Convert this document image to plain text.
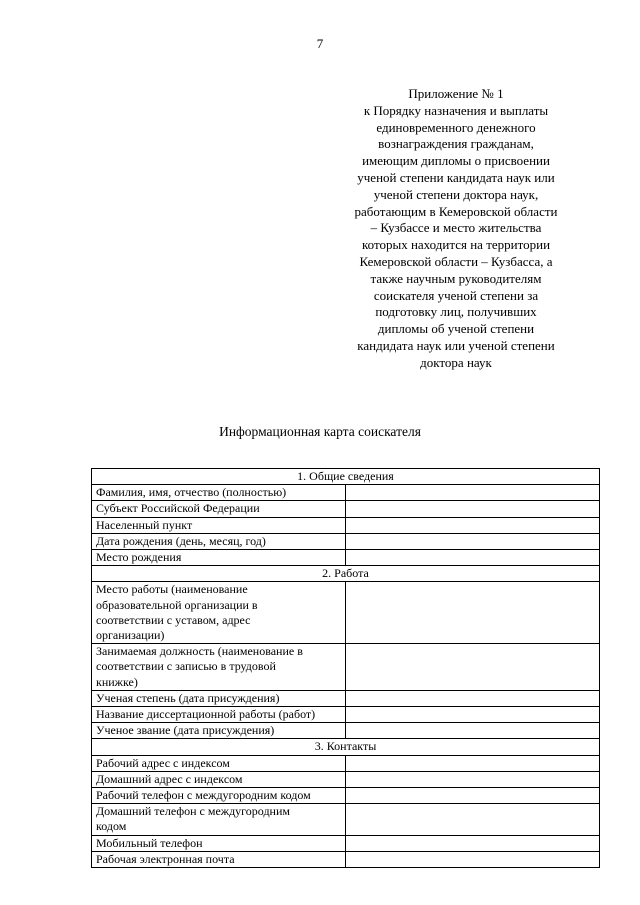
7
Приложение № 1
к Порядку назначения и выплаты
единовременного денежного
вознаграждения гражданам,
имеющим дипломы о присвоении
ученой степени кандидата наук или
ученой степени доктора наук,
работающим в Кемеровской области
– Кузбассе и место жительства
которых находится на территории
Кемеровской области – Кузбасса, а
также научным руководителям
соискателя ученой степени за
подготовку лиц, получивших
дипломы об ученой степени
кандидата наук или ученой степени
доктора наук
Информационная карта соискателя
1. Общие сведения	
Фамилия, имя, отчество (полностью)	
Субъект Российской Федерации	
Населенный пункт	
Дата рождения (день, месяц, год)	
Место рождения	
2. Работа	

Место работы (наименование
образовательной организации в
соответствии с уставом, адрес
организации)	

Занимаемая должность (наименование в
соответствии с записью в трудовой
книжке)	

Ученая степень (дата присуждения)	
Название диссертационной работы (работ)	
Ученое звание (дата присуждения)	
3. Контакты	
Рабочий адрес с индексом	
Домашний адрес с индексом	
Рабочий телефон с междугородним кодом	

Домашний телефон с междугородним
кодом	

Мобильный телефон	
Рабочая электронная почта	
